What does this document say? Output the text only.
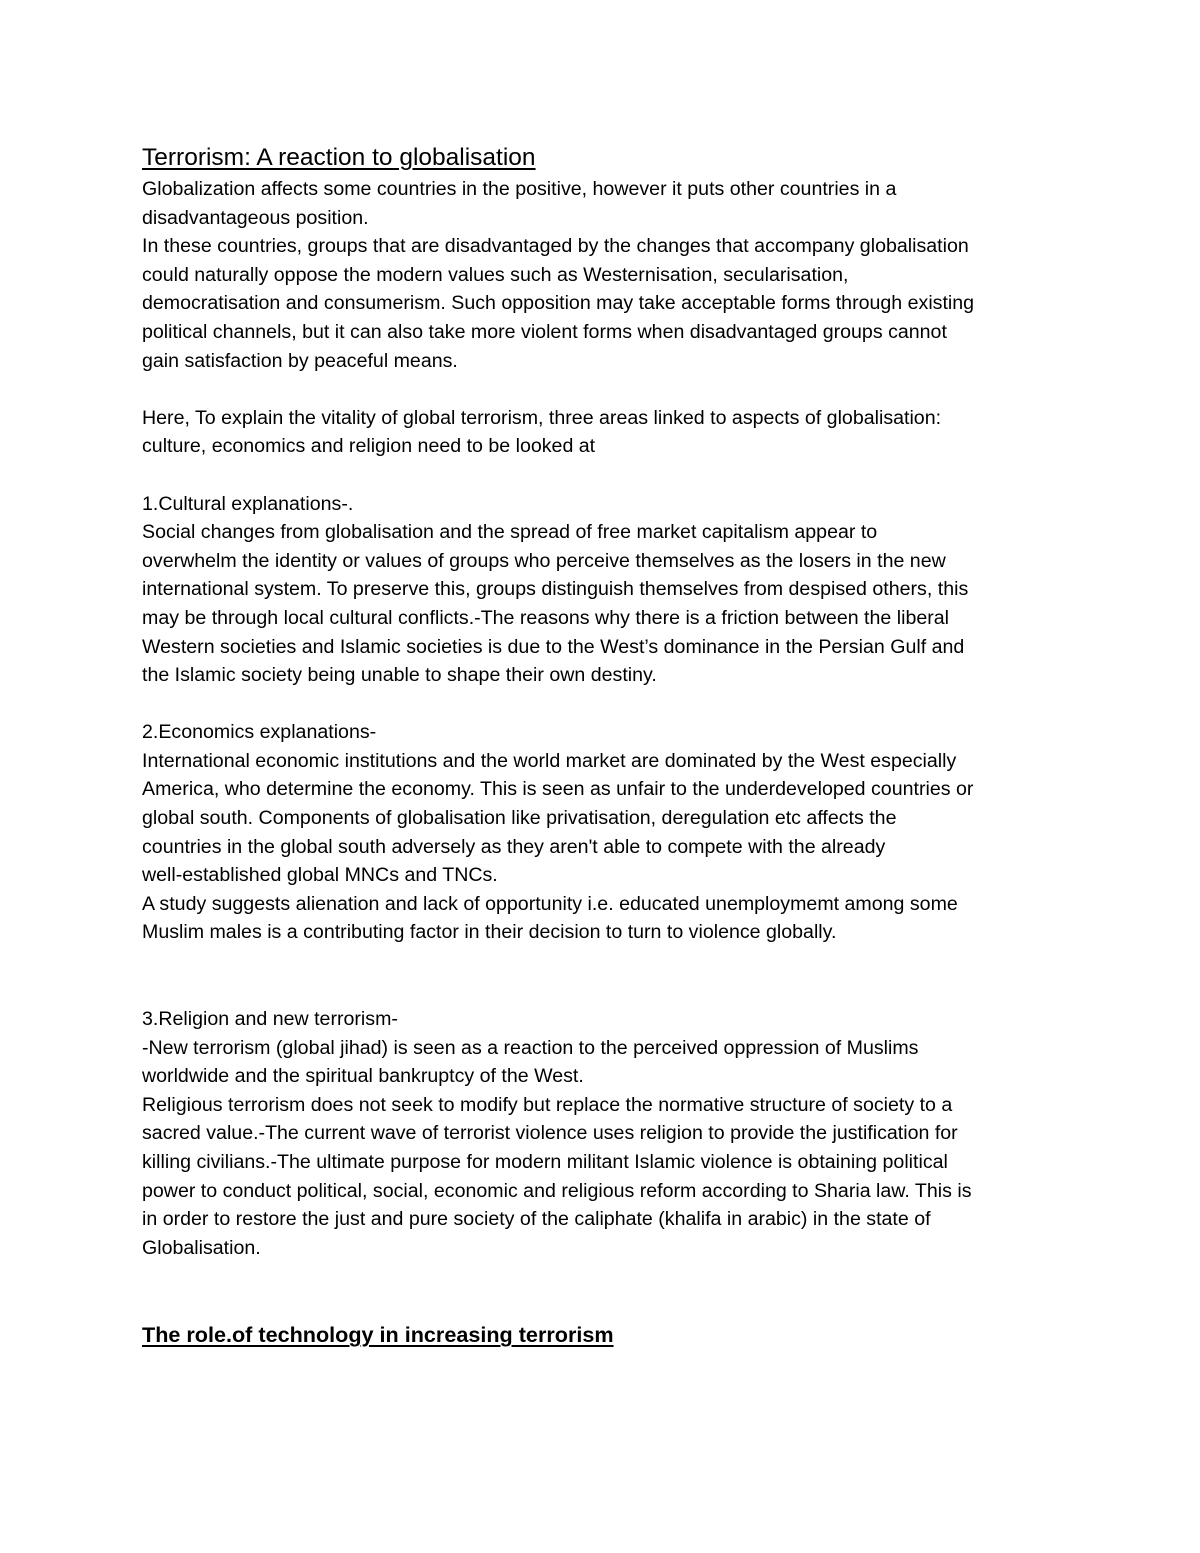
Terrorism: A reaction to globalisation

Globalization affects some countries in the positive, however it puts other countries in a

disadvantageous position.

In these countries, groups that are disadvantaged by the changes that accompany globalisation

could naturally oppose the modern values such as Westernisation, secularisation,

democratisation and consumerism. Such opposition may take acceptable forms through existing

political channels, but it can also take more violent forms when disadvantaged groups cannot

gain satisfaction by peaceful means.

Here, To explain the vitality of global terrorism, three areas linked to aspects of globalisation:

culture, economics and religion need to be looked at

1.Cultural explanations-.

Social changes from globalisation and the spread of free market capitalism appear to

overwhelm the identity or values of groups who perceive themselves as the losers in the new

international system. To preserve this, groups distinguish themselves from despised others, this

may be through local cultural conflicts.-The reasons why there is a friction between the liberal

Western societies and Islamic societies is due to the West’s dominance in the Persian Gulf and

the Islamic society being unable to shape their own destiny.

2.Economics explanations-

International economic institutions and the world market are dominated by the West especially

America, who determine the economy. This is seen as unfair to the underdeveloped countries or

global south. Components of globalisation like privatisation, deregulation etc affects the

countries in the global south adversely as they aren't able to compete with the already

well-established global MNCs and TNCs.

A study suggests alienation and lack of opportunity i.e. educated unemploymemt among some

Muslim males is a contributing factor in their decision to turn to violence globally.

3.Religion and new terrorism-

-New terrorism (global jihad) is seen as a reaction to the perceived oppression of Muslims

worldwide and the spiritual bankruptcy of the West.

Religious terrorism does not seek to modify but replace the normative structure of society to a

sacred value.-The current wave of terrorist violence uses religion to provide the justification for

killing civilians.-The ultimate purpose for modern militant Islamic violence is obtaining political

power to conduct political, social, economic and religious reform according to Sharia law. This is

in order to restore the just and pure society of the caliphate (khalifa in arabic) in the state of

Globalisation.

The role.of technology in increasing terrorism
